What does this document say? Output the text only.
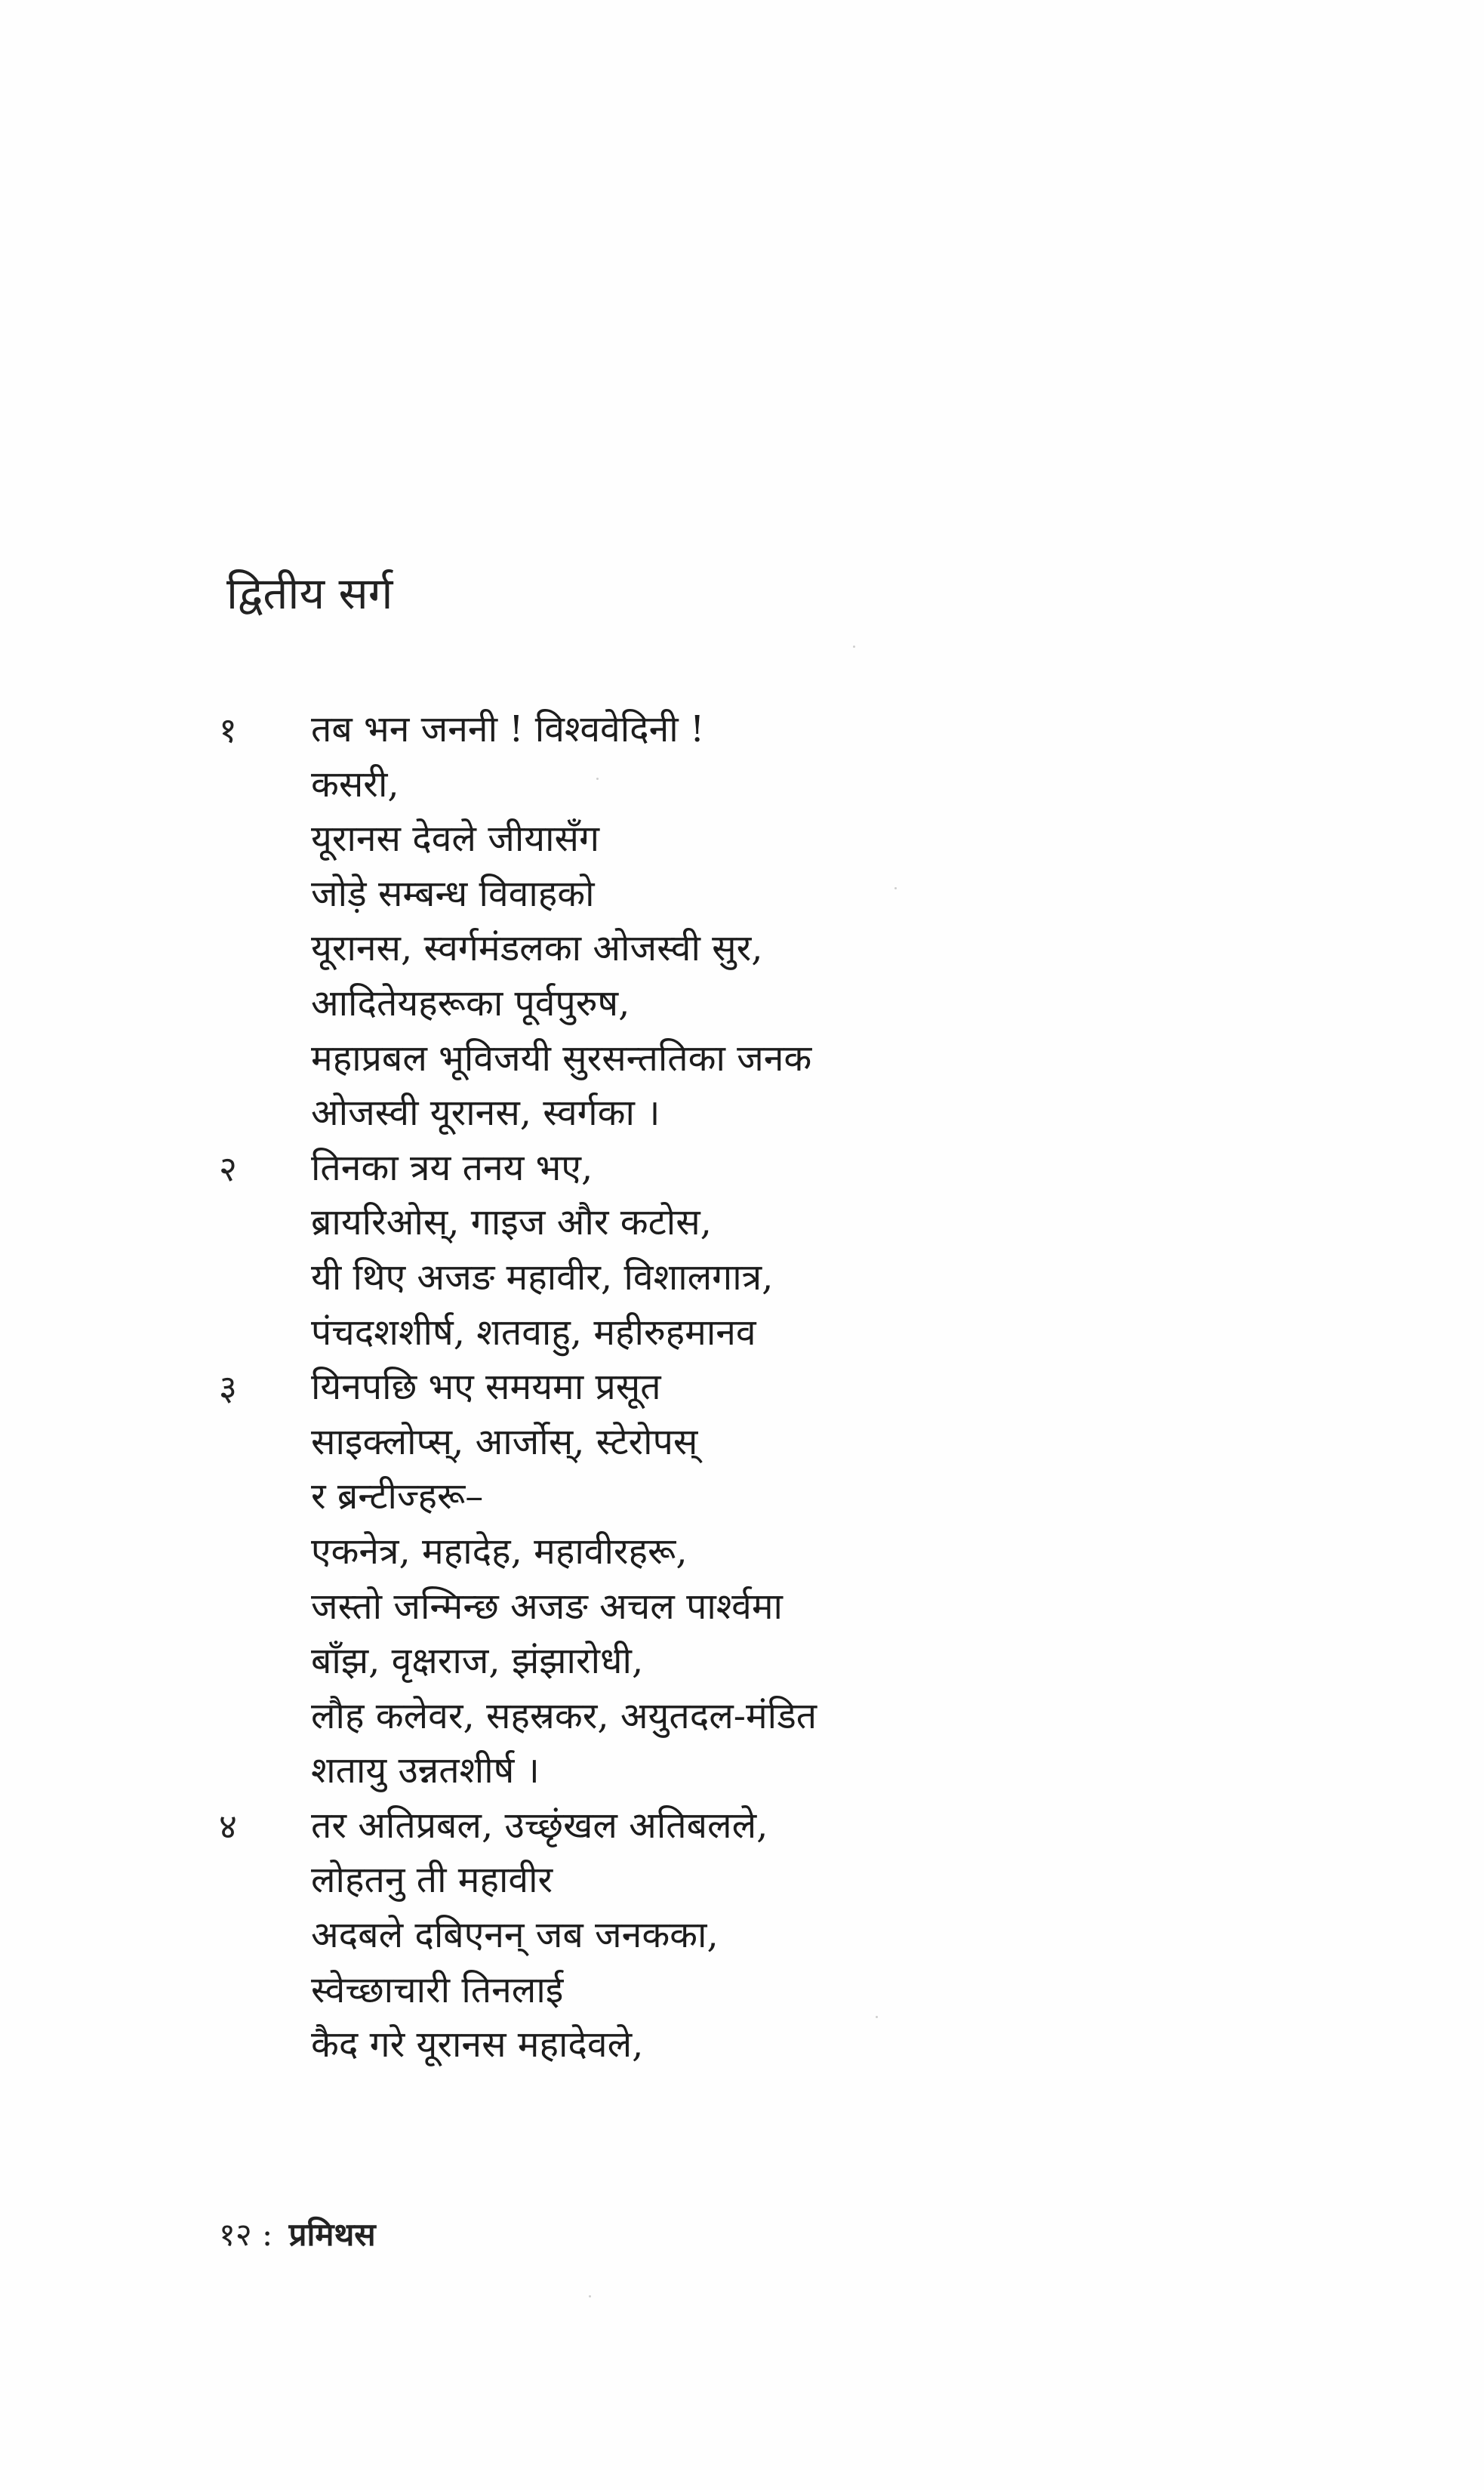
द्वितीय सर्ग
१	तब भन जननी ! विश्ववेदिनी !
कसरी,
यूरानस देवले जीयासँग
जोड़े सम्बन्ध विवाहको
यूरानस, स्वर्गमंडलका ओजस्वी सुर,
आदितेयहरूका पूर्वपुरुष,
महाप्रबल भूविजयी सुरसन्ततिका जनक
ओजस्वी यूरानस, स्वर्गका ।
२	तिनका त्रय तनय भए,
ब्रायरिओस्, गाइज और कटोस,
यी थिए अजङ महावीर, विशालगात्र,
पंचदशशीर्ष, शतवाहु, महीरुहमानव
३	यिनपछि भए समयमा प्रसूत
साइक्लोप्स्, आर्जोस्, स्टेरोपस्
र ब्रन्टीज्हरू–
एकनेत्र, महादेह, महावीरहरू,
जस्तो जन्मिन्छ अजङ अचल पार्श्वमा
बाँझ, वृक्षराज, झंझारोधी,
लौह कलेवर, सहस्रकर, अयुतदल-मंडित
शतायु उन्नतशीर्ष ।
४	तर अतिप्रबल, उच्छृंखल अतिबलले,
लोहतनु ती महावीर
अदबले दबिएनन् जब जनकका,
स्वेच्छाचारी तिनलाई
कैद गरे यूरानस महादेवले,
१२ : प्रमिथस
